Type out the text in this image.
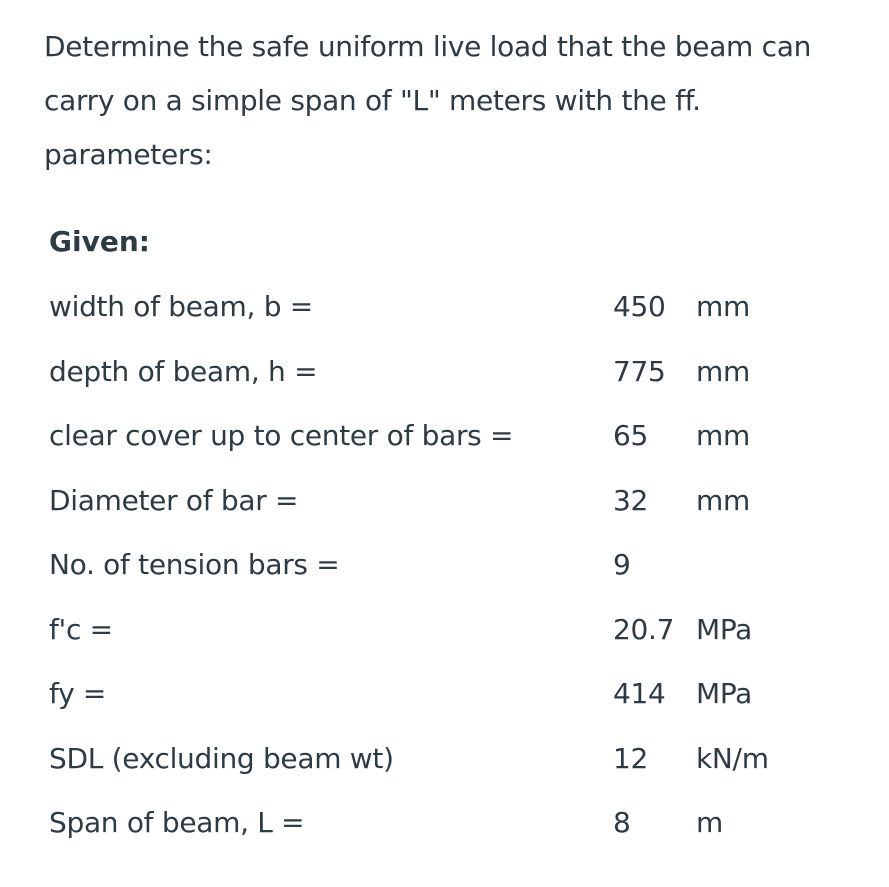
Determine the safe uniform live load that the beam can carry on a simple span of "L" meters with the ff. parameters:
Given:
width of beam, b =	450 mm
depth of beam, h =	775 mm
clear cover up to center of bars =	65 mm
Diameter of bar =	32 mm
No. of tension bars =	9
f'c =	20.7 MPa
fy =	414 MPa
SDL (excluding beam wt)	12 kN/m
Span of beam, L =	8 m
